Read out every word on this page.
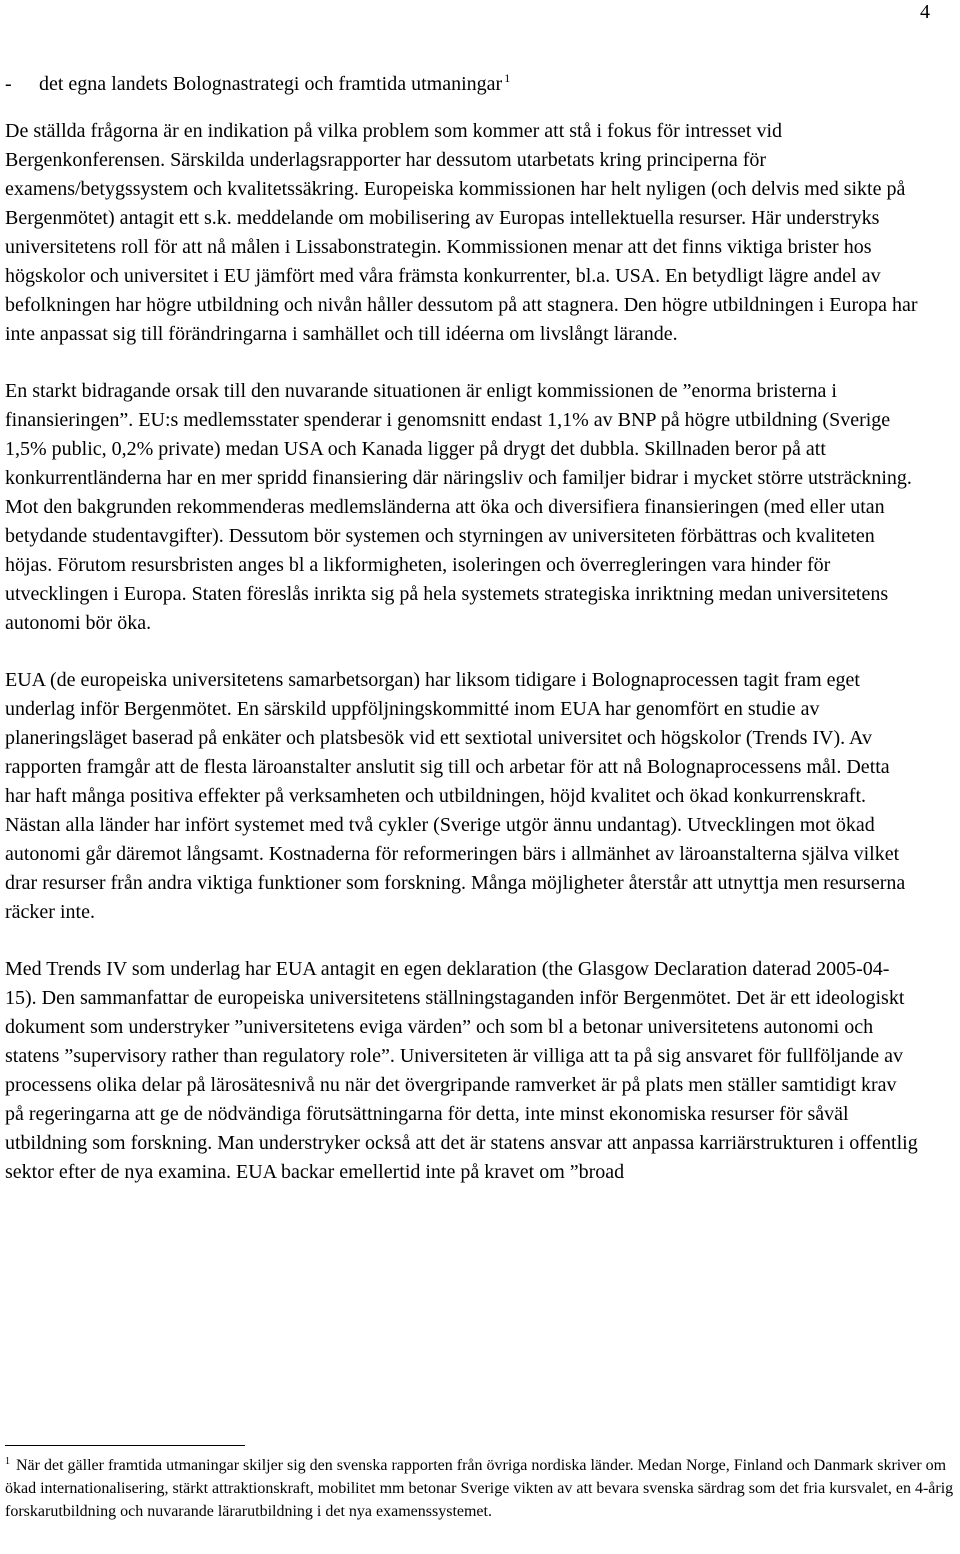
4
-	det egna landets Bolognastrategi och framtida utmaningar $^1$

De ställda frågorna är en indikation på vilka problem som kommer att stå i fokus för intresset vid Bergenkonferensen. Särskilda underlagsrapporter har dessutom utarbetats kring principerna för examens/betygssystem och kvalitetssäkring. Europeiska kommissionen har helt nyligen (och delvis med sikte på Bergenmötet) antagit ett s.k. meddelande om mobilisering av Europas intellektuella resurser. Här understryks universitetens roll för att nå målen i Lissabonstrategin. Kommissionen menar att det finns viktiga brister hos högskolor och universitet i EU jämfört med våra främsta konkurrenter, bl.a. USA. En betydligt lägre andel av befolkningen har högre utbildning och nivån håller dessutom på att stagnera. Den högre utbildningen i Europa har inte anpassat sig till förändringarna i samhället och till idéerna om livslångt lärande.

En starkt bidragande orsak till den nuvarande situationen är enligt kommissionen de ”enorma bristerna i finansieringen”. EU:s medlemsstater spenderar i genomsnitt endast 1,1% av BNP på högre utbildning (Sverige 1,5% public, 0,2% private) medan USA och Kanada ligger på drygt det dubbla. Skillnaden beror på att konkurrentländerna har en mer spridd finansiering där näringsliv och familjer bidrar i mycket större utsträckning. Mot den bakgrunden rekommenderas medlemsländerna att öka och diversifiera finansieringen (med eller utan betydande studentavgifter). Dessutom bör systemen och styrningen av universiteten förbättras och kvaliteten höjas. Förutom resursbristen anges bl a likformigheten, isoleringen och överregleringen vara hinder för utvecklingen i Europa. Staten föreslås inrikta sig på hela systemets strategiska inriktning medan universitetens autonomi bör öka.

EUA (de europeiska universitetens samarbetsorgan) har liksom tidigare i Bolognaprocessen tagit fram eget underlag inför Bergenmötet. En särskild uppföljningskommitté inom EUA har genomfört en studie av planeringsläget baserad på enkäter och platsbesök vid ett sextiotal universitet och högskolor (Trends IV). Av rapporten framgår att de flesta läroanstalter anslutit sig till och arbetar för att nå Bolognaprocessens mål. Detta har haft många positiva effekter på verksamheten och utbildningen, höjd kvalitet och ökad konkurrenskraft. Nästan alla länder har infört systemet med två cykler (Sverige utgör ännu undantag). Utvecklingen mot ökad autonomi går däremot långsamt. Kostnaderna för reformeringen bärs i allmänhet av läroanstalterna själva vilket drar resurser från andra viktiga funktioner som forskning. Många möjligheter återstår att utnyttja men resurserna räcker inte.

Med Trends IV som underlag har EUA antagit en egen deklaration (the Glasgow Declaration daterad 2005-04-15). Den sammanfattar de europeiska universitetens ställningstaganden inför Bergenmötet. Det är ett ideologiskt dokument som understryker ”universitetens eviga värden” och som bl a betonar universitetens autonomi och statens ”supervisory rather than regulatory role”. Universiteten är villiga att ta på sig ansvaret för fullföljande av processens olika delar på lärosätesnivå nu när det övergripande ramverket är på plats men ställer samtidigt krav på regeringarna att ge de nödvändiga förutsättningarna för detta, inte minst ekonomiska resurser för såväl utbildning som forskning. Man understryker också att det är statens ansvar att anpassa karriärstrukturen i offentlig sektor efter de nya examina. EUA backar emellertid inte på kravet om ”broad

$^1$ När det gäller framtida utmaningar skiljer sig den svenska rapporten från övriga nordiska länder. Medan Norge, Finland och Danmark skriver om ökad internationalisering, stärkt attraktionskraft, mobilitet mm betonar Sverige vikten av att bevara svenska särdrag som det fria kursvalet, en 4-årig forskarutbildning och nuvarande lärarutbildning i det nya examenssystemet.
